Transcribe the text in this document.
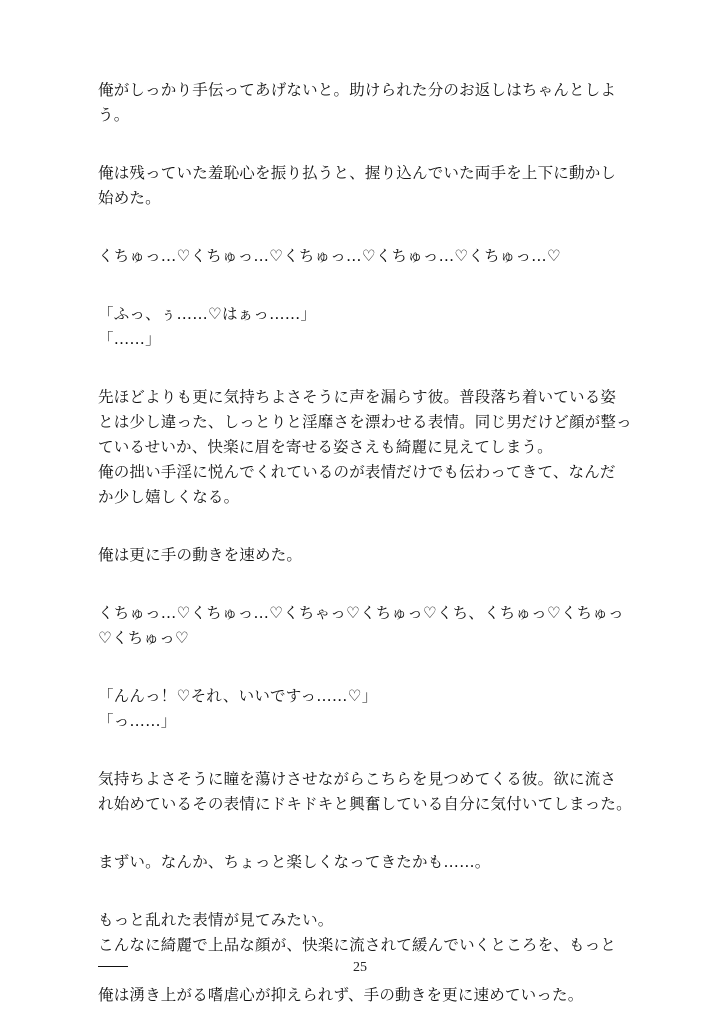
俺がしっかり手伝ってあげないと。助けられた分のお返しはちゃんとしよ
う。
俺は残っていた羞恥心を振り払うと、握り込んでいた両手を上下に動かし
始めた。
くちゅっ…♡くちゅっ…♡くちゅっ…♡くちゅっ…♡くちゅっ…♡
「ふっ、ぅ……♡はぁっ……」
「……」
先ほどよりも更に気持ちよさそうに声を漏らす彼。普段落ち着いている姿
とは少し違った、しっとりと淫靡さを漂わせる表情。同じ男だけど顔が整っ
ているせいか、快楽に眉を寄せる姿さえも綺麗に見えてしまう。
俺の拙い手淫に悦んでくれているのが表情だけでも伝わってきて、なんだ
か少し嬉しくなる。
俺は更に手の動きを速めた。
くちゅっ…♡くちゅっ…♡くちゃっ♡くちゅっ♡くち、くちゅっ♡くちゅっ
♡くちゅっ♡
「んんっ！♡それ、いいですっ……♡」
「っ……」
気持ちよさそうに瞳を蕩けさせながらこちらを見つめてくる彼。欲に流さ
れ始めているその表情にドキドキと興奮している自分に気付いてしまった。
まずい。なんか、ちょっと楽しくなってきたかも……。
もっと乱れた表情が見てみたい。
こんなに綺麗で上品な顔が、快楽に流されて緩んでいくところを、もっと
俺は湧き上がる嗜虐心が抑えられず、手の動きを更に速めていった。
25
